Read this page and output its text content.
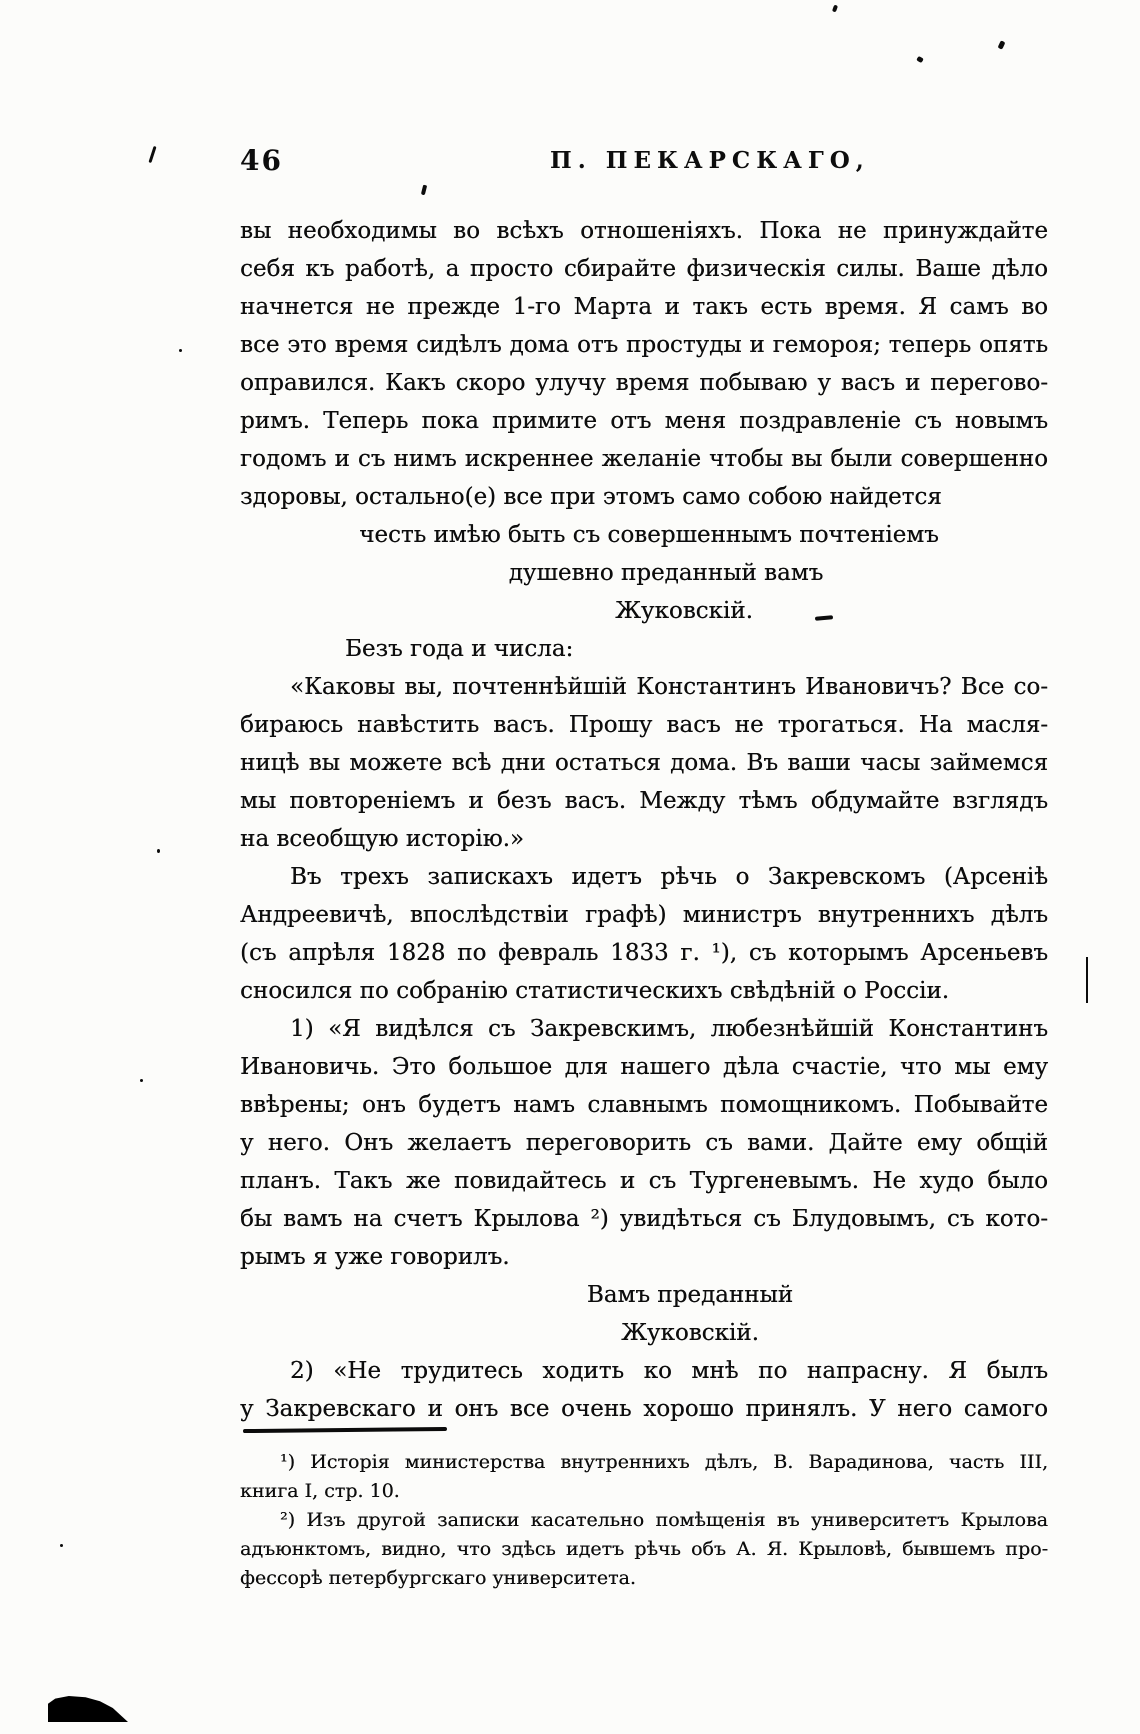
46	П. ПЕКАРСКАГО,
вы необходимы во всѣхъ отношеніяхъ. Пока не принуждайте
себя къ работѣ, а просто сбирайте физическія силы. Ваше дѣло
начнется не прежде 1-го Марта и такъ есть время. Я самъ во
все это время сидѣлъ дома отъ простуды и гемороя; теперь опять
оправился. Какъ скоро улучу время побываю у васъ и перегово-
римъ. Теперь пока примите отъ меня поздравленіе съ новымъ
годомъ и съ нимъ искреннее желаніе чтобы вы были совершенно
здоровы, остально(е) все при этомъ само собою найдется
честь имѣю быть съ совершеннымъ почтеніемъ
душевно преданный вамъ
Жуковскій.
Безъ года и числа:
«Каковы вы, почтеннѣйшій Константинъ Ивановичъ? Все со-
бираюсь навѣстить васъ. Прошу васъ не трогаться. На масля-
ницѣ вы можете всѣ дни остаться дома. Въ ваши часы займемся
мы повтореніемъ и безъ васъ. Между тѣмъ обдумайте взглядъ
на всеобщую исторію.»
Въ трехъ запискахъ идетъ рѣчь о Закревскомъ (Арсеніѣ
Андреевичѣ, впослѣдствіи графѣ) министръ внутреннихъ дѣлъ
(съ апрѣля 1828 по февраль 1833 г. ¹), съ которымъ Арсеньевъ
сносился по собранію статистическихъ свѣдѣній о Россіи.
1) «Я видѣлся съ Закревскимъ, любезнѣйшій Константинъ
Ивановичь. Это большое для нашего дѣла счастіе, что мы ему
ввѣрены; онъ будетъ намъ славнымъ помощникомъ. Побывайте
у него. Онъ желаетъ переговорить съ вами. Дайте ему общій
планъ. Такъ же повидайтесь и съ Тургеневымъ. Не худо было
бы вамъ на счетъ Крылова ²) увидѣться съ Блудовымъ, съ кото-
рымъ я уже говорилъ.
Вамъ преданный
Жуковскій.
2) «Не трудитесь ходить ко мнѣ по напрасну. Я былъ
у Закревскаго и онъ все очень хорошо принялъ. У него самого
¹) Исторія министерства внутреннихъ дѣлъ, В. Варадинова, часть III,
книга I, стр. 10.
²) Изъ другой записки касательно помѣщенія въ университетъ Крылова
адъюнктомъ, видно, что здѣсь идетъ рѣчь объ А. Я. Крыловѣ, бывшемъ про-
фессорѣ петербургскаго университета.
